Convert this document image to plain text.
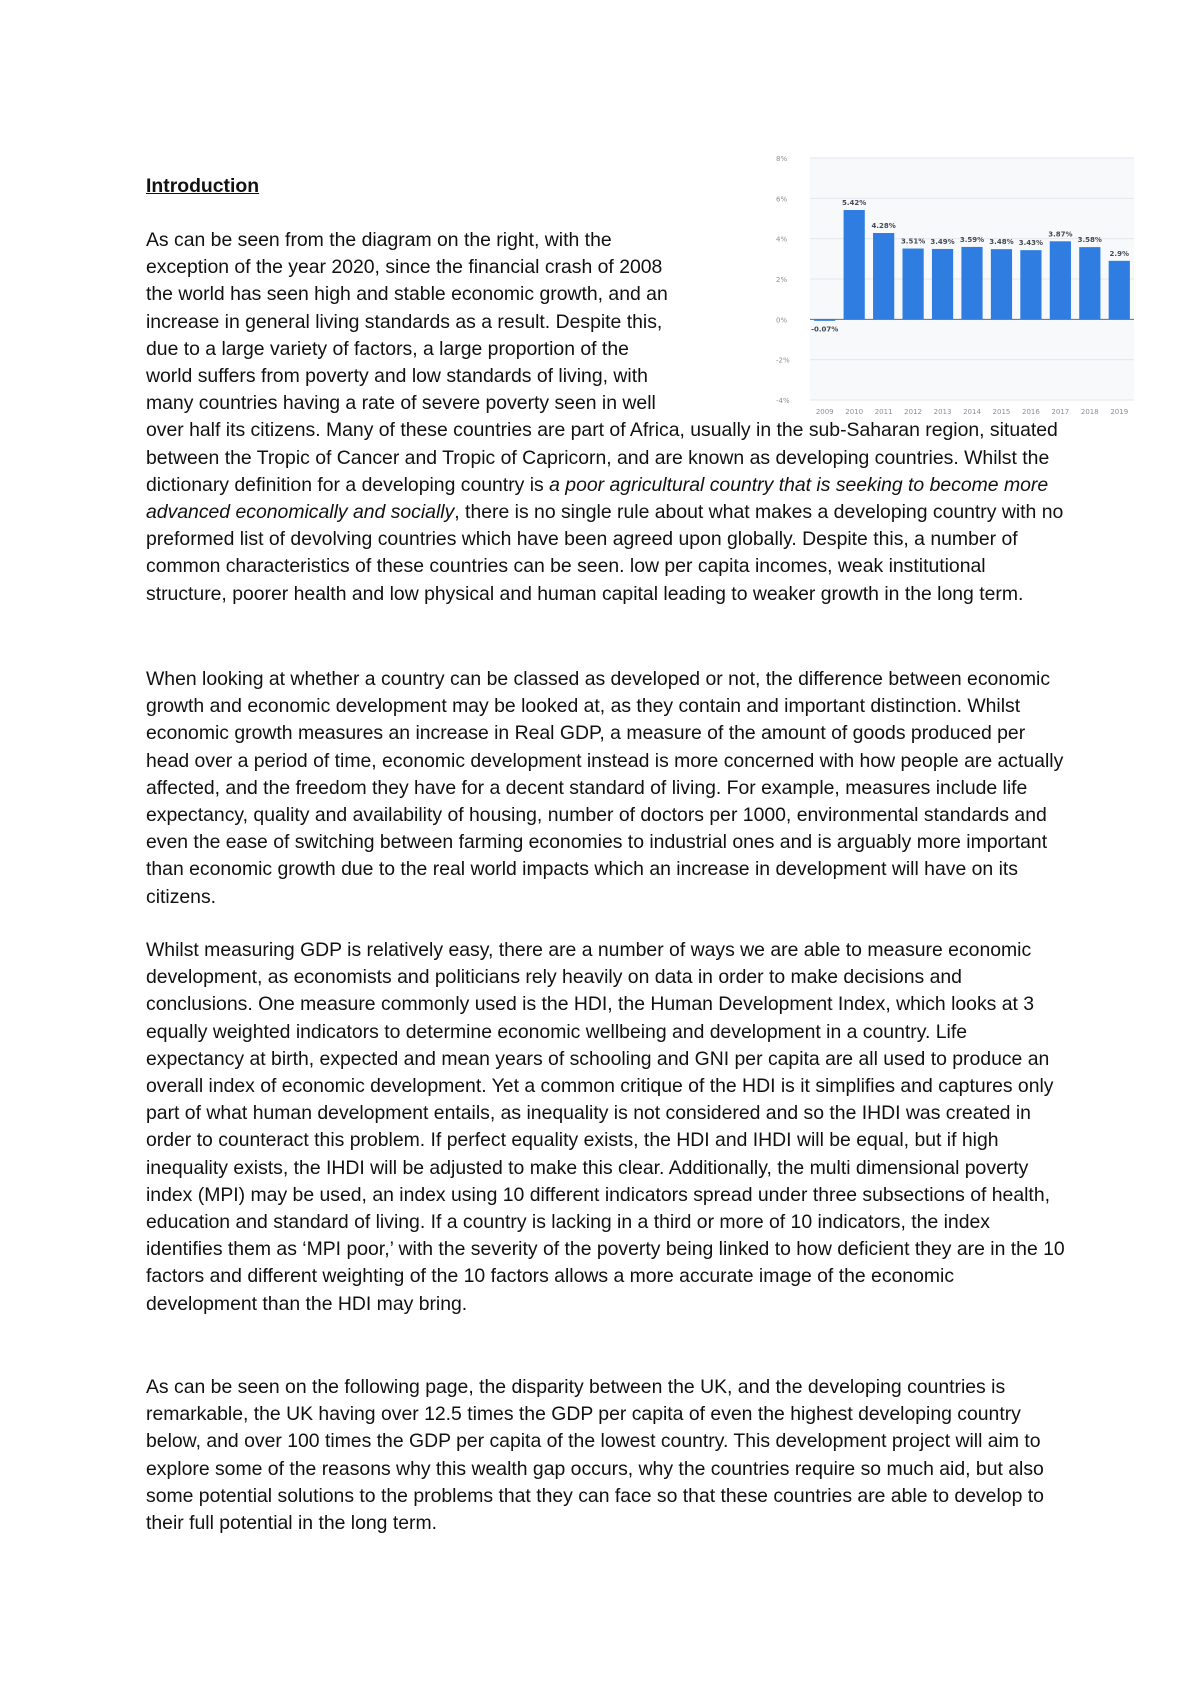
Introduction
8%
6%
4%
2%
0%
-2%
-4%
-0.07%
2009
5.42%
2010
4.28%
2011
3.51%
2012
3.49%
2013
3.59%
2014
3.48%
2015
3.43%
2016
3.87%
2017
3.58%
2018
2.9%
2019
As can be seen from the diagram on the right, with the exception of the year 2020, since the financial crash of 2008 the world has seen high and stable economic growth, and an increase in general living standards as a result. Despite this, due to a large variety of factors, a large proportion of the world suffers from poverty and low standards of living, with many countries having a rate of severe poverty seen in well over half its citizens. Many of these countries are part of Africa, usually in the sub-Saharan region, situated between the Tropic of Cancer and Tropic of Capricorn, and are known as developing countries. Whilst the dictionary definition for a developing country is a poor agricultural country that is seeking to become more advanced economically and socially, there is no single rule about what makes a developing country with no preformed list of devolving countries which have been agreed upon globally. Despite this, a number of common characteristics of these countries can be seen. low per capita incomes, weak institutional structure, poorer health and low physical and human capital leading to weaker growth in the long term.

When looking at whether a country can be classed as developed or not, the difference between economic growth and economic development may be looked at, as they contain and important distinction. Whilst economic growth measures an increase in Real GDP, a measure of the amount of goods produced per head over a period of time, economic development instead is more concerned with how people are actually affected, and the freedom they have for a decent standard of living. For example, measures include life expectancy, quality and availability of housing, number of doctors per 1000, environmental standards and even the ease of switching between farming economies to industrial ones and is arguably more important than economic growth due to the real world impacts which an increase in development will have on its citizens.

Whilst measuring GDP is relatively easy, there are a number of ways we are able to measure economic development, as economists and politicians rely heavily on data in order to make decisions and conclusions. One measure commonly used is the HDI, the Human Development Index, which looks at 3 equally weighted indicators to determine economic wellbeing and development in a country. Life expectancy at birth, expected and mean years of schooling and GNI per capita are all used to produce an overall index of economic development. Yet a common critique of the HDI is it simplifies and captures only part of what human development entails, as inequality is not considered and so the IHDI was created in order to counteract this problem. If perfect equality exists, the HDI and IHDI will be equal, but if high inequality exists, the IHDI will be adjusted to make this clear. Additionally, the multi dimensional poverty index (MPI) may be used, an index using 10 different indicators spread under three subsections of health, education and standard of living. If a country is lacking in a third or more of 10 indicators, the index identifies them as ‘MPI poor,’ with the severity of the poverty being linked to how deficient they are in the 10 factors and different weighting of the 10 factors allows a more accurate image of the economic development than the HDI may bring.

As can be seen on the following page, the disparity between the UK, and the developing countries is remarkable, the UK having over 12.5 times the GDP per capita of even the highest developing country below, and over 100 times the GDP per capita of the lowest country. This development project will aim to explore some of the reasons why this wealth gap occurs, why the countries require so much aid, but also some potential solutions to the problems that they can face so that these countries are able to develop to their full potential in the long term.
